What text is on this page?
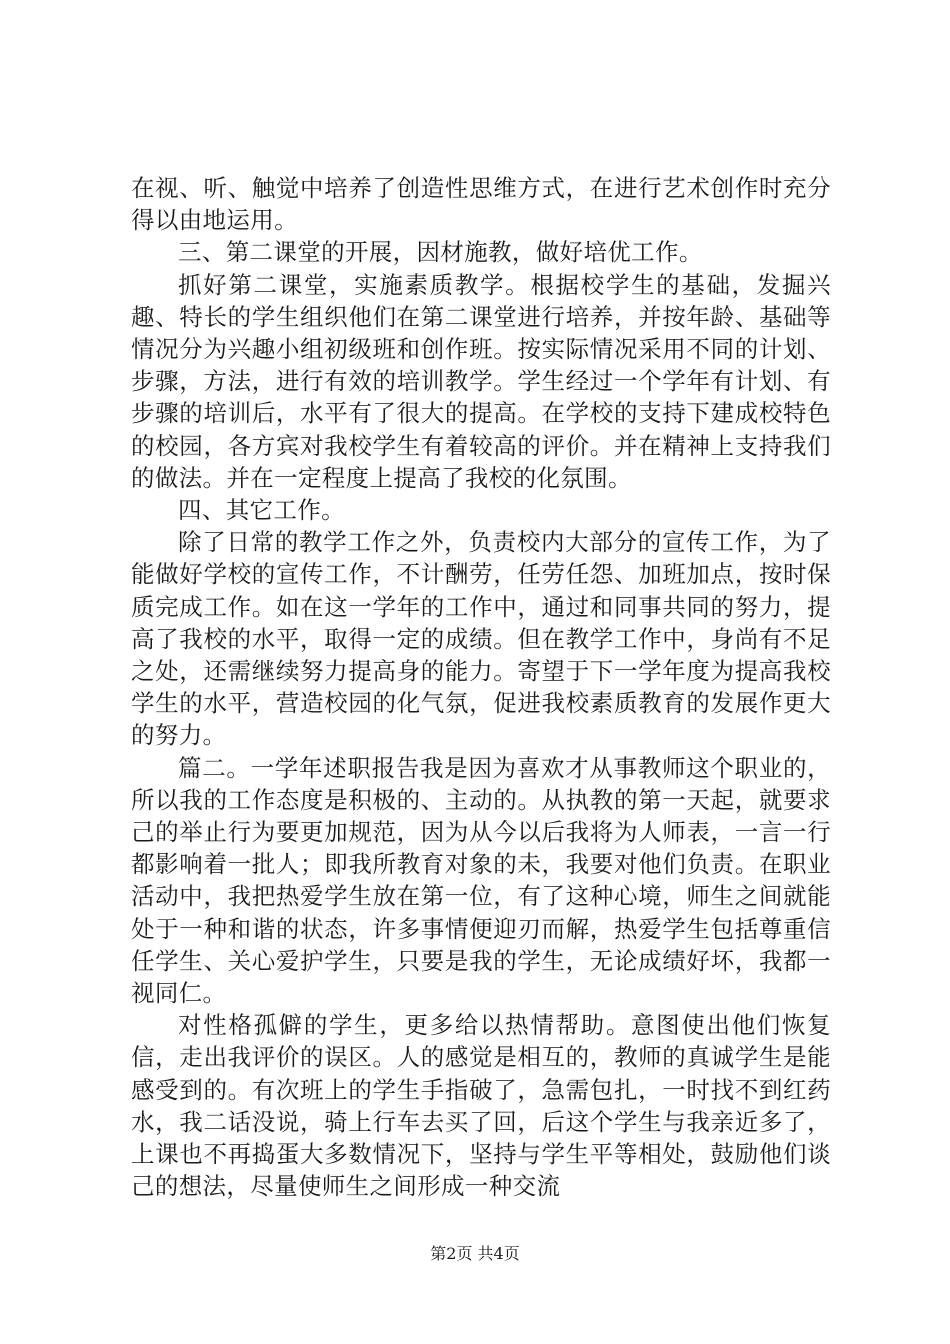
在视、听、触觉中培养了创造性思维方式，在进行艺术创作时充分得以由地运用。

三、第二课堂的开展，因材施教，做好培优工作。

抓好第二课堂，实施素质教学。根据校学生的基础，发掘兴趣、特长的学生组织他们在第二课堂进行培养，并按年龄、基础等情况分为兴趣小组初级班和创作班。按实际情况采用不同的计划、步骤，方法，进行有效的培训教学。学生经过一个学年有计划、有步骤的培训后，水平有了很大的提高。在学校的支持下建成校特色的校园，各方宾对我校学生有着较高的评价。并在精神上支持我们的做法。并在一定程度上提高了我校的化氛围。

四、其它工作。

除了日常的教学工作之外，负责校内大部分的宣传工作，为了能做好学校的宣传工作，不计酬劳，任劳任怨、加班加点，按时保质完成工作。如在这一学年的工作中，通过和同事共同的努力，提高了我校的水平，取得一定的成绩。但在教学工作中，身尚有不足之处，还需继续努力提高身的能力。寄望于下一学年度为提高我校学生的水平，营造校园的化气氛，促进我校素质教育的发展作更大的努力。

篇二。一学年述职报告我是因为喜欢才从事教师这个职业的，所以我的工作态度是积极的、主动的。从执教的第一天起，就要求己的举止行为要更加规范，因为从今以后我将为人师表，一言一行都影响着一批人；即我所教育对象的未，我要对他们负责。在职业活动中，我把热爱学生放在第一位，有了这种心境，师生之间就能处于一种和谐的状态，许多事情便迎刃而解，热爱学生包括尊重信任学生、关心爱护学生，只要是我的学生，无论成绩好坏，我都一视同仁。

对性格孤僻的学生，更多给以热情帮助。意图使出他们恢复信，走出我评价的误区。人的感觉是相互的，教师的真诚学生是能感受到的。有次班上的学生手指破了，急需包扎，一时找不到红药水，我二话没说，骑上行车去买了回，后这个学生与我亲近多了，上课也不再捣蛋大多数情况下，坚持与学生平等相处，鼓励他们谈己的想法，尽量使师生之间形成一种交流

第2页 共4页
